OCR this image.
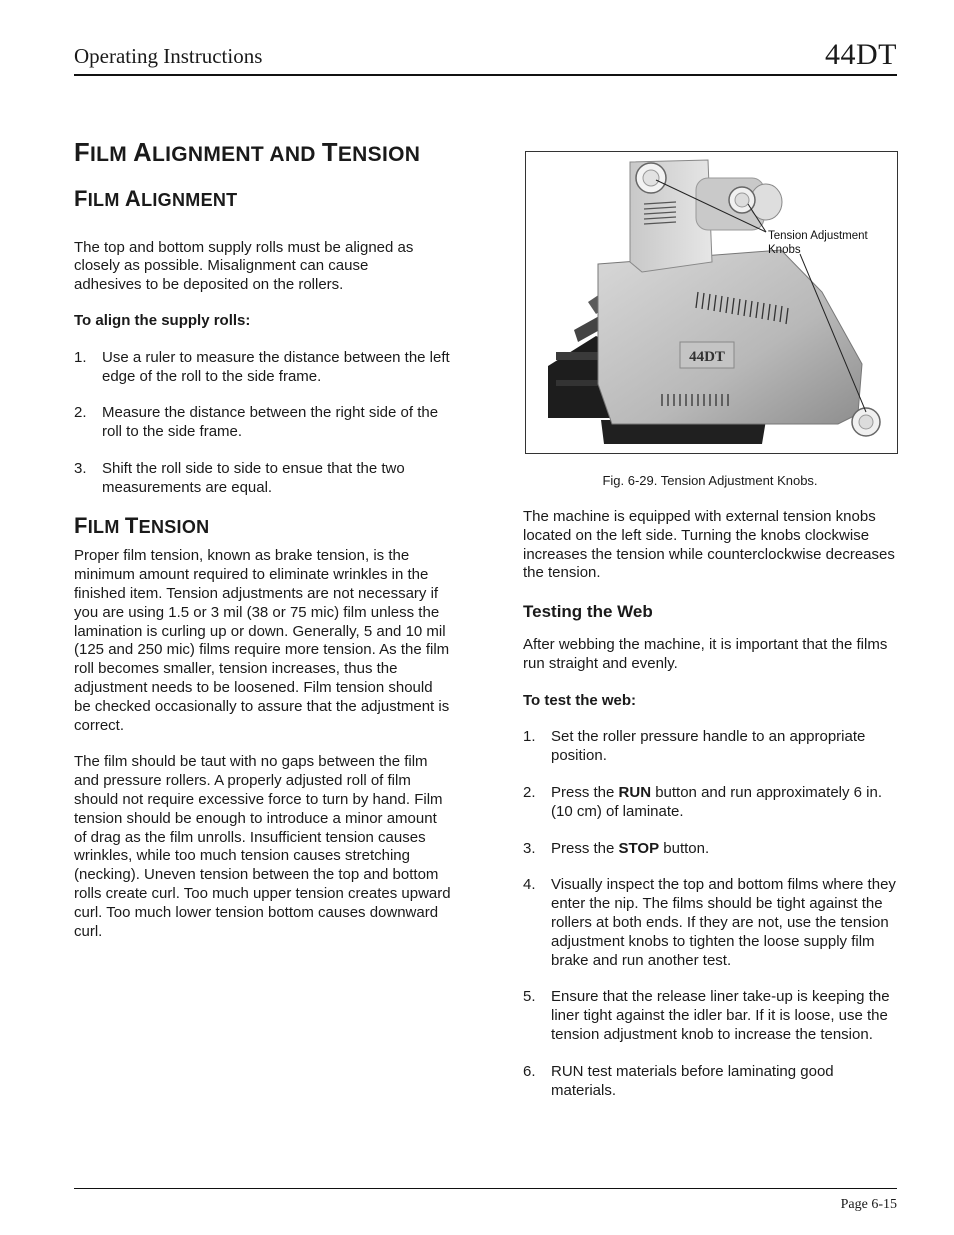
Operating Instructions	44DT
FILM ALIGNMENT AND TENSION
FILM ALIGNMENT

The top and bottom supply rolls must be aligned as closely as possible. Misalignment can cause adhesives to be deposited on the rollers.

To align the supply rolls:

1. Use a ruler to measure the distance between the left edge of the roll to the side frame.
2. Measure the distance between the right side of the roll to the side frame.
3. Shift the roll side to side to ensue that the two measurements are equal.
FILM TENSION

Proper film tension, known as brake tension, is the minimum amount required to eliminate wrinkles in the finished item. Tension adjustments are not necessary if you are using 1.5 or 3 mil (38 or 75 mic) film unless the lamination is curling up or down. Generally, 5 and 10 mil (125 and 250 mic) films require more tension. As the film roll becomes smaller, tension increases, thus the adjustment needs to be loosened. Film tension should be checked occasionally to assure that the adjustment is correct.

The film should be taut with no gaps between the film and pressure rollers. A properly adjusted roll of film should not require excessive force to turn by hand. Film tension should be enough to introduce a minor amount of drag as the film unrolls. Insufficient tension causes wrinkles, while too much tension causes stretching (necking). Uneven tension between the top and bottom rolls create curl. Too much upper tension creates upward curl. Too much lower tension bottom causes downward curl.

44DT
Tension Adjustment Knobs
Fig. 6-29. Tension Adjustment Knobs.

The machine is equipped with external tension knobs located on the left side. Turning the knobs clockwise increases the tension while counterclockwise decreases the tension.

Testing the Web

After webbing the machine, it is important that the films run straight and evenly.

To test the web:

1. Set the roller pressure handle to an appropriate position.
2. Press the RUN button and run approximately 6 in. (10 cm) of laminate.
3. Press the STOP button.
4. Visually inspect the top and bottom films where they enter the nip. The films should be tight against the rollers at both ends. If they are not, use the tension adjustment knobs to tighten the loose supply film brake and run another test.
5. Ensure that the release liner take-up is keeping the liner tight against the idler bar. If it is loose, use the tension adjustment knob to increase the tension.
6. RUN test materials before laminating good materials.
Page 6-15
